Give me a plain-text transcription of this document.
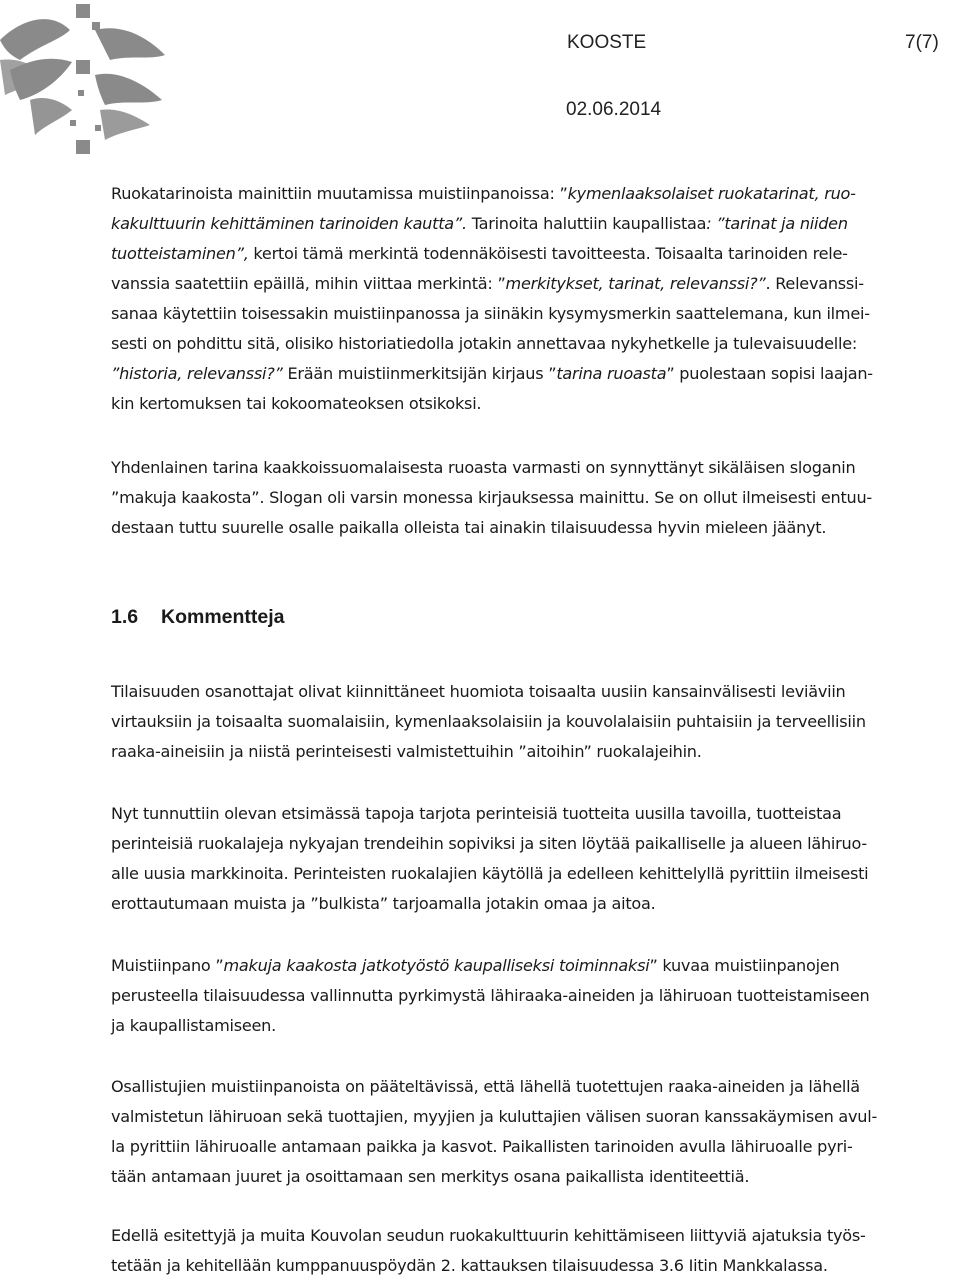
KOOSTE	7(7)
02.06.2014
Ruokatarinoista mainittiin muutamissa muistiinpanoissa: ”kymenlaaksolaiset ruokatarinat, ruo-
kakulttuurin kehittäminen tarinoiden kautta”. Tarinoita haluttiin kaupallistaa: ”tarinat ja niiden
tuotteistaminen”, kertoi tämä merkintä todennäköisesti tavoitteesta. Toisaalta tarinoiden rele-
vanssia saatettiin epäillä, mihin viittaa merkintä: ”merkitykset, tarinat, relevanssi?”. Relevanssi-
sanaa käytettiin toisessakin muistiinpanossa ja siinäkin kysymysmerkin saattelemana, kun ilmei-
sesti on pohdittu sitä, olisiko historiatiedolla jotakin annettavaa nykyhetkelle ja tulevaisuudelle:
”historia, relevanssi?” Erään muistiinmerkitsijän kirjaus ”tarina ruoasta” puolestaan sopisi laajan-
kin kertomuksen tai kokoomateoksen otsikoksi.
Yhdenlainen tarina kaakkoissuomalaisesta ruoasta varmasti on synnyttänyt sikäläisen sloganin
”makuja kaakosta”. Slogan oli varsin monessa kirjauksessa mainittu. Se on ollut ilmeisesti entuu-
destaan tuttu suurelle osalle paikalla olleista tai ainakin tilaisuudessa hyvin mieleen jäänyt.
1.6 Kommentteja
Tilaisuuden osanottajat olivat kiinnittäneet huomiota toisaalta uusiin kansainvälisesti leviäviin
virtauksiin ja toisaalta suomalaisiin, kymenlaaksolaisiin ja kouvolalaisiin puhtaisiin ja terveellisiin
raaka-aineisiin ja niistä perinteisesti valmistettuihin ”aitoihin” ruokalajeihin.
Nyt tunnuttiin olevan etsimässä tapoja tarjota perinteisiä tuotteita uusilla tavoilla, tuotteistaa
perinteisiä ruokalajeja nykyajan trendeihin sopiviksi ja siten löytää paikalliselle ja alueen lähiruo-
alle uusia markkinoita. Perinteisten ruokalajien käytöllä ja edelleen kehittelyllä pyrittiin ilmeisesti
erottautumaan muista ja ”bulkista” tarjoamalla jotakin omaa ja aitoa.
Muistiinpano ”makuja kaakosta jatkotyöstö kaupalliseksi toiminnaksi” kuvaa muistiinpanojen
perusteella tilaisuudessa vallinnutta pyrkimystä lähiraaka-aineiden ja lähiruoan tuotteistamiseen
ja kaupallistamiseen.
Osallistujien muistiinpanoista on pääteltävissä, että lähellä tuotettujen raaka-aineiden ja lähellä
valmistetun lähiruoan sekä tuottajien, myyjien ja kuluttajien välisen suoran kanssakäymisen avul-
la pyrittiin lähiruoalle antamaan paikka ja kasvot. Paikallisten tarinoiden avulla lähiruoalle pyri-
tään antamaan juuret ja osoittamaan sen merkitys osana paikallista identiteettiä.
Edellä esitettyjä ja muita Kouvolan seudun ruokakulttuurin kehittämiseen liittyviä ajatuksia työs-
tetään ja kehitellään kumppanuuspöydän 2. kattauksen tilaisuudessa 3.6 Iitin Mankkalassa.
